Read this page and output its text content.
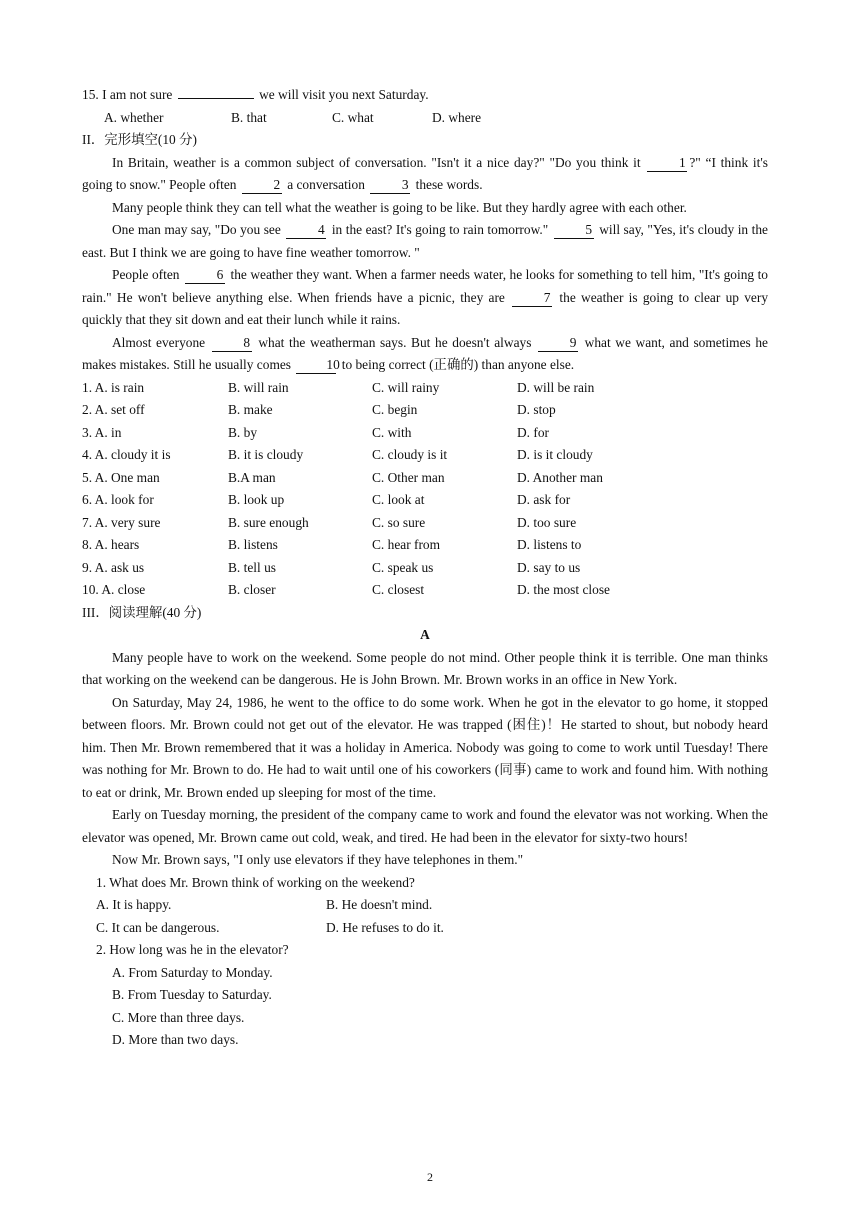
15. I am not sure	we will visit you next Saturday.
A. whether	B. that	C. what	D. where
II．完形填空(10 分)
In Britain, weather is a common subject of conversation. "Isn't it a nice day?" "Do you think it	1 ?" “I think it's going to snow." People often	2 a conversation	3 these words.
Many people think they can tell what the weather is going to be like. But they hardly agree with each other.
One man may say, "Do you see	4 in the east? It's going to rain tomorrow."	5 will say, "Yes, it's cloudy in the east. But I think we are going to have fine weather tomorrow. "
People often	6 the weather they want. When a farmer needs water, he looks for something to tell him, "It's going to rain." He won't believe anything else. When friends have a picnic, they are	7 the weather is going to clear up very quickly that they sit down and eat their lunch while it rains.
Almost everyone	8 what the weatherman says. But he doesn't always	9 what we want, and sometimes he makes mistakes. Still he usually comes 10 to being correct (正确的) than anyone else.
1. A. is rain	B. will rain	C. will rainy	D. will be rain
2. A. set off	B. make	C. begin	D. stop
3. A. in	B. by	C. with	D. for
4. A. cloudy it is	B. it is cloudy	C. cloudy is it	D. is it cloudy
5. A. One man	B.A man	C. Other man	D. Another man
6. A. look for	B. look up	C. look at	D. ask for
7. A. very sure	B. sure enough	C. so sure	D. too sure
8. A. hears	B. listens	C. hear from	D. listens to
9. A. ask us	B. tell us	C. speak us	D. say to us
10. A. close	B. closer	C. closest	D. the most close
III．阅读理解(40 分)
A
Many people have to work on the weekend. Some people do not mind. Other people think it is terrible. One man thinks that working on the weekend can be dangerous. He is John Brown. Mr. Brown works in an office in New York.
On Saturday, May 24, 1986, he went to the office to do some work. When he got in the elevator to go home, it stopped between floors. Mr. Brown could not get out of the elevator. He was trapped (困住)！He started to shout, but nobody heard him. Then Mr. Brown remembered that it was a holiday in America. Nobody was going to come to work until Tuesday! There was nothing for Mr. Brown to do. He had to wait until one of his coworkers (同事) came to work and found him. With nothing to eat or drink, Mr. Brown ended up sleeping for most of the time.
Early on Tuesday morning, the president of the company came to work and found the elevator was not working. When the elevator was opened, Mr. Brown came out cold, weak, and tired. He had been in the elevator for sixty-two hours!
Now Mr. Brown says, "I only use elevators if they have telephones in them."
1. What does Mr. Brown think of working on the weekend?
A. It is happy.	B. He doesn't mind.
C. It can be dangerous.	D. He refuses to do it.
2. How long was he in the elevator?
A. From Saturday to Monday.
B. From Tuesday to Saturday.
C. More than three days.
D. More than two days.
2
